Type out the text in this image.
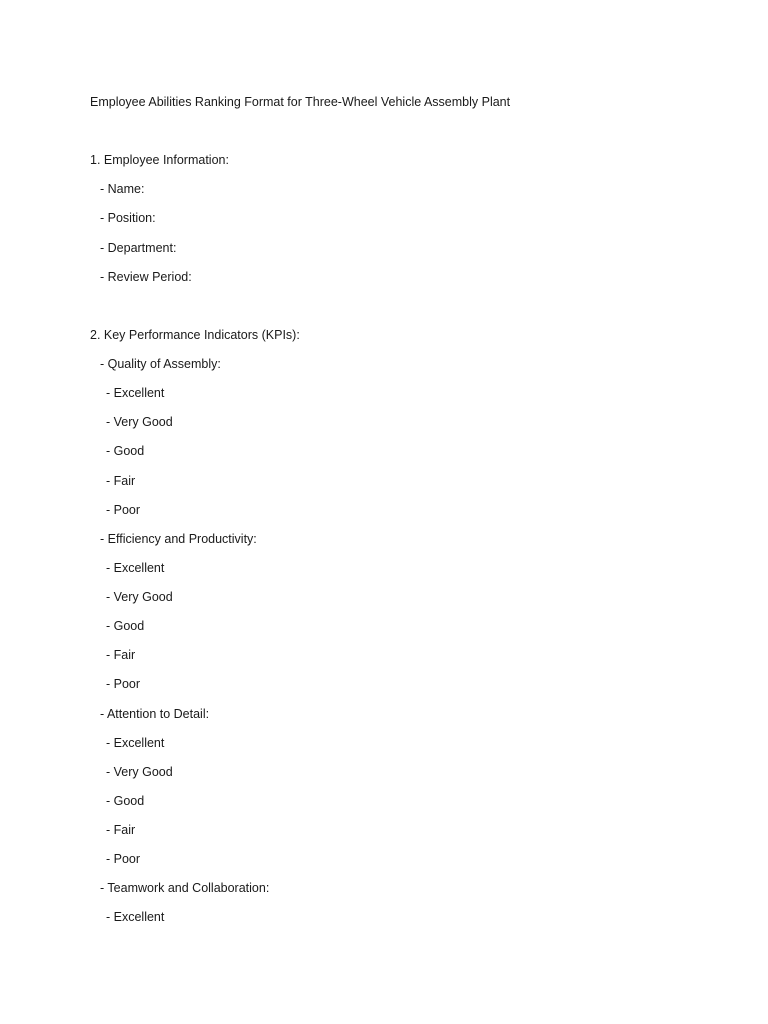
Employee Abilities Ranking Format for Three-Wheel Vehicle Assembly Plant
1. Employee Information:
- Name:
- Position:
- Department:
- Review Period:
2. Key Performance Indicators (KPIs):
- Quality of Assembly:
- Excellent
- Very Good
- Good
- Fair
- Poor
- Efficiency and Productivity:
- Excellent
- Very Good
- Good
- Fair
- Poor
- Attention to Detail:
- Excellent
- Very Good
- Good
- Fair
- Poor
- Teamwork and Collaboration:
- Excellent
